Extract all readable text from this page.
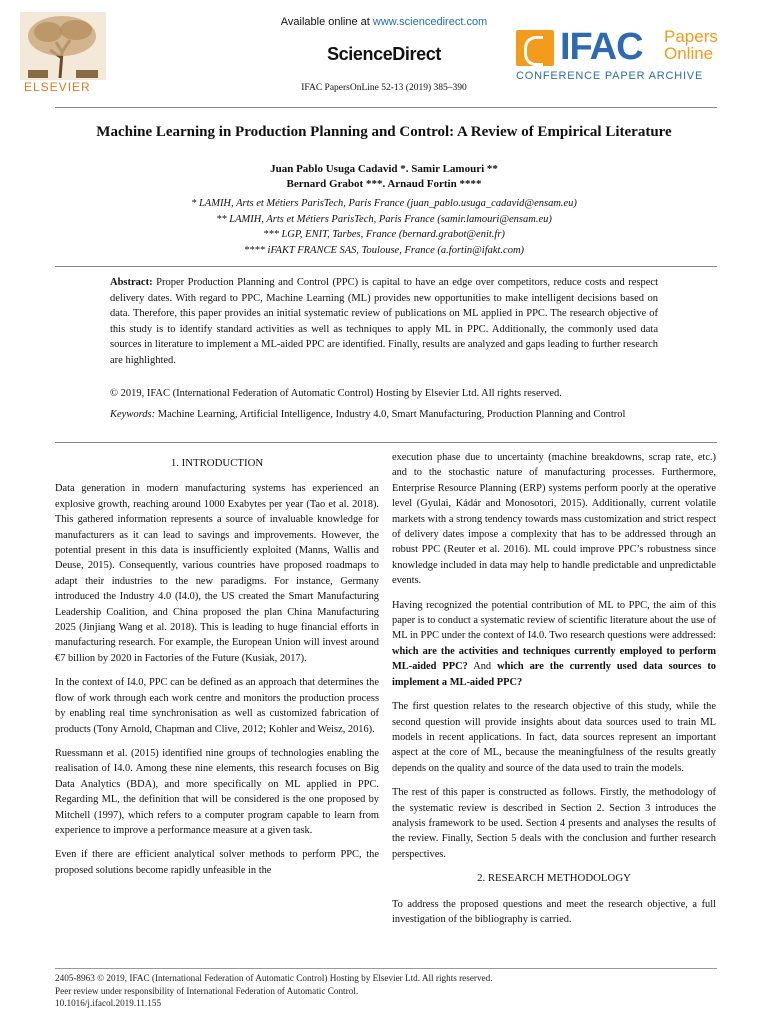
ELSEVIER
Available online at www.sciencedirect.com
ScienceDirect
IFAC PapersOnLine 52-13 (2019) 385–390
IFAC Papers
Online
CONFERENCE PAPER ARCHIVE
Machine Learning in Production Planning and Control: A Review of Empirical Literature
Juan Pablo Usuga Cadavid *. Samir Lamouri **
Bernard Grabot ***. Arnaud Fortin ****
* LAMIH, Arts et Métiers ParisTech, Paris France (juan_pablo.usuga_cadavid@ensam.eu)
** LAMIH, Arts et Métiers ParisTech, Paris France (samir.lamouri@ensam.eu)
*** LGP, ENIT, Tarbes, France (bernard.grabot@enit.fr)
**** iFAKT FRANCE SAS, Toulouse, France (a.fortin@ifakt.com)
Abstract: Proper Production Planning and Control (PPC) is capital to have an edge over competitors, reduce costs and respect delivery dates. With regard to PPC, Machine Learning (ML) provides new opportunities to make intelligent decisions based on data. Therefore, this paper provides an initial systematic review of publications on ML applied in PPC. The research objective of this study is to identify standard activities as well as techniques to apply ML in PPC. Additionally, the commonly used data sources in literature to implement a ML-aided PPC are identified. Finally, results are analyzed and gaps leading to further research are highlighted.
© 2019, IFAC (International Federation of Automatic Control) Hosting by Elsevier Ltd. All rights reserved.
Keywords: Machine Learning, Artificial Intelligence, Industry 4.0, Smart Manufacturing, Production Planning and Control
1. INTRODUCTION

Data generation in modern manufacturing systems has experienced an explosive growth, reaching around 1000 Exabytes per year (Tao et al. 2018). This gathered information represents a source of invaluable knowledge for manufacturers as it can lead to savings and improvements. However, the potential present in this data is insufficiently exploited (Manns, Wallis and Deuse, 2015). Consequently, various countries have proposed roadmaps to adapt their industries to the new paradigms. For instance, Germany introduced the Industry 4.0 (I4.0), the US created the Smart Manufacturing Leadership Coalition, and China proposed the plan China Manufacturing 2025 (Jinjiang Wang et al. 2018). This is leading to huge financial efforts in manufacturing research. For example, the European Union will invest around €7 billion by 2020 in Factories of the Future (Kusiak, 2017).

In the context of I4.0, PPC can be defined as an approach that determines the flow of work through each work centre and monitors the production process by enabling real time synchronisation as well as customized fabrication of products (Tony Arnold, Chapman and Clive, 2012; Kohler and Weisz, 2016).

Ruessmann et al. (2015) identified nine groups of technologies enabling the realisation of I4.0. Among these nine elements, this research focuses on Big Data Analytics (BDA), and more specifically on ML applied in PPC. Regarding ML, the definition that will be considered is the one proposed by Mitchell (1997), which refers to a computer program capable to learn from experience to improve a performance measure at a given task.

Even if there are efficient analytical solver methods to perform PPC, the proposed solutions become rapidly unfeasible in the

execution phase due to uncertainty (machine breakdowns, scrap rate, etc.) and to the stochastic nature of manufacturing processes. Furthermore, Enterprise Resource Planning (ERP) systems perform poorly at the operative level (Gyulai, Kádár and Monosotori, 2015). Additionally, current volatile markets with a strong tendency towards mass customization and strict respect of delivery dates impose a complexity that has to be addressed through an robust PPC (Reuter et al. 2016). ML could improve PPC’s robustness since knowledge included in data may help to handle predictable and unpredictable events.

Having recognized the potential contribution of ML to PPC, the aim of this paper is to conduct a systematic review of scientific literature about the use of ML in PPC under the context of I4.0. Two research questions were addressed: which are the activities and techniques currently employed to perform ML-aided PPC? And which are the currently used data sources to implement a ML-aided PPC?

The first question relates to the research objective of this study, while the second question will provide insights about data sources used to train ML models in recent applications. In fact, data sources represent an important aspect at the core of ML, because the meaningfulness of the results greatly depends on the quality and source of the data used to train the models.

The rest of this paper is constructed as follows. Firstly, the methodology of the systematic review is described in Section 2. Section 3 introduces the analysis framework to be used. Section 4 presents and analyses the results of the review. Finally, Section 5 deals with the conclusion and further research perspectives.

2. RESEARCH METHODOLOGY

To address the proposed questions and meet the research objective, a full investigation of the bibliography is carried.

2405-8963 © 2019, IFAC (International Federation of Automatic Control) Hosting by Elsevier Ltd. All rights reserved.
Peer review under responsibility of International Federation of Automatic Control.
10.1016/j.ifacol.2019.11.155
